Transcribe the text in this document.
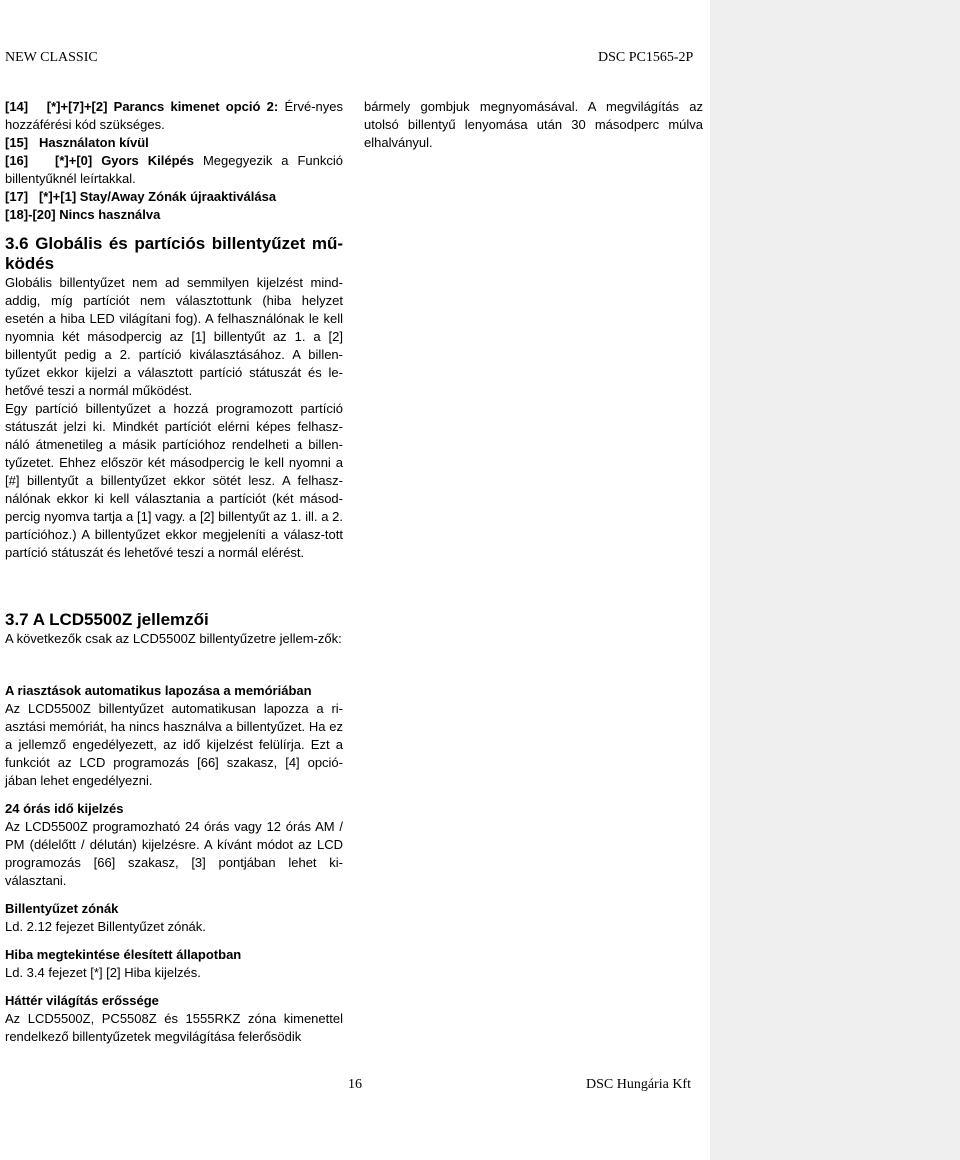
NEW CLASSIC	DSC PC1565-2P

[14] [*]+[7]+[2] Parancs kimenet opció 2: Érvé-nyes hozzáférési kód szükséges.

[15] Használaton kívül

[16] [*]+[0] Gyors Kilépés Megegyezik a Funkció billentyűknél leírtakkal.

[17] [*]+[1] Stay/Away Zónák újraaktiválása

[18]-[20] Nincs használva

3.6 Globális és partíciós billentyűzet mű-ködés

Globális billentyűzet nem ad semmilyen kijelzést mind-addig, míg partíciót nem választottunk (hiba helyzet esetén a hiba LED világítani fog). A felhasználónak le kell nyomnia két másodpercig az [1] billentyűt az 1. a [2] billentyűt pedig a 2. partíció kiválasztásához. A billen-tyűzet ekkor kijelzi a választott partíció státuszát és le-hetővé teszi a normál működést.

Egy partíció billentyűzet a hozzá programozott partíció státuszát jelzi ki. Mindkét partíciót elérni képes felhasz-náló átmenetileg a másik partícióhoz rendelheti a billen-tyűzetet. Ehhez először két másodpercig le kell nyomni a [#] billentyűt a billentyűzet ekkor sötét lesz. A felhasz-nálónak ekkor ki kell választania a partíciót (két másod-percig nyomva tartja a [1] vagy. a [2] billentyűt az 1. ill. a 2. partícióhoz.) A billentyűzet ekkor megjeleníti a válasz-tott partíció státuszát és lehetővé teszi a normál elérést.

3.7 A LCD5500Z jellemzői

A következők csak az LCD5500Z billentyűzetre jellem-zők:

A riasztások automatikus lapozása a memóriában

Az LCD5500Z billentyűzet automatikusan lapozza a ri-asztási memóriát, ha nincs használva a billentyűzet. Ha ez a jellemző engedélyezett, az idő kijelzést felülírja. Ezt a funkciót az LCD programozás [66] szakasz, [4] opció-jában lehet engedélyezni.

24 órás idő kijelzés

Az LCD5500Z programozható 24 órás vagy 12 órás AM / PM (délelőtt / délután) kijelzésre. A kívánt módot az LCD programozás [66] szakasz, [3] pontjában lehet ki-választani.

Billentyűzet zónák

Ld. 2.12 fejezet Billentyűzet zónák.

Hiba megtekintése élesített állapotban

Ld. 3.4 fejezet [*] [2] Hiba kijelzés.

Háttér világítás erőssége

Az LCD5500Z, PC5508Z és 1555RKZ zóna kimenettel rendelkező billentyűzetek megvilágítása felerősödik

bármely gombjuk megnyomásával. A megvilágítás az utolsó billentyű lenyomása után 30 másodperc múlva elhalványul.
16	DSC Hungária Kft
